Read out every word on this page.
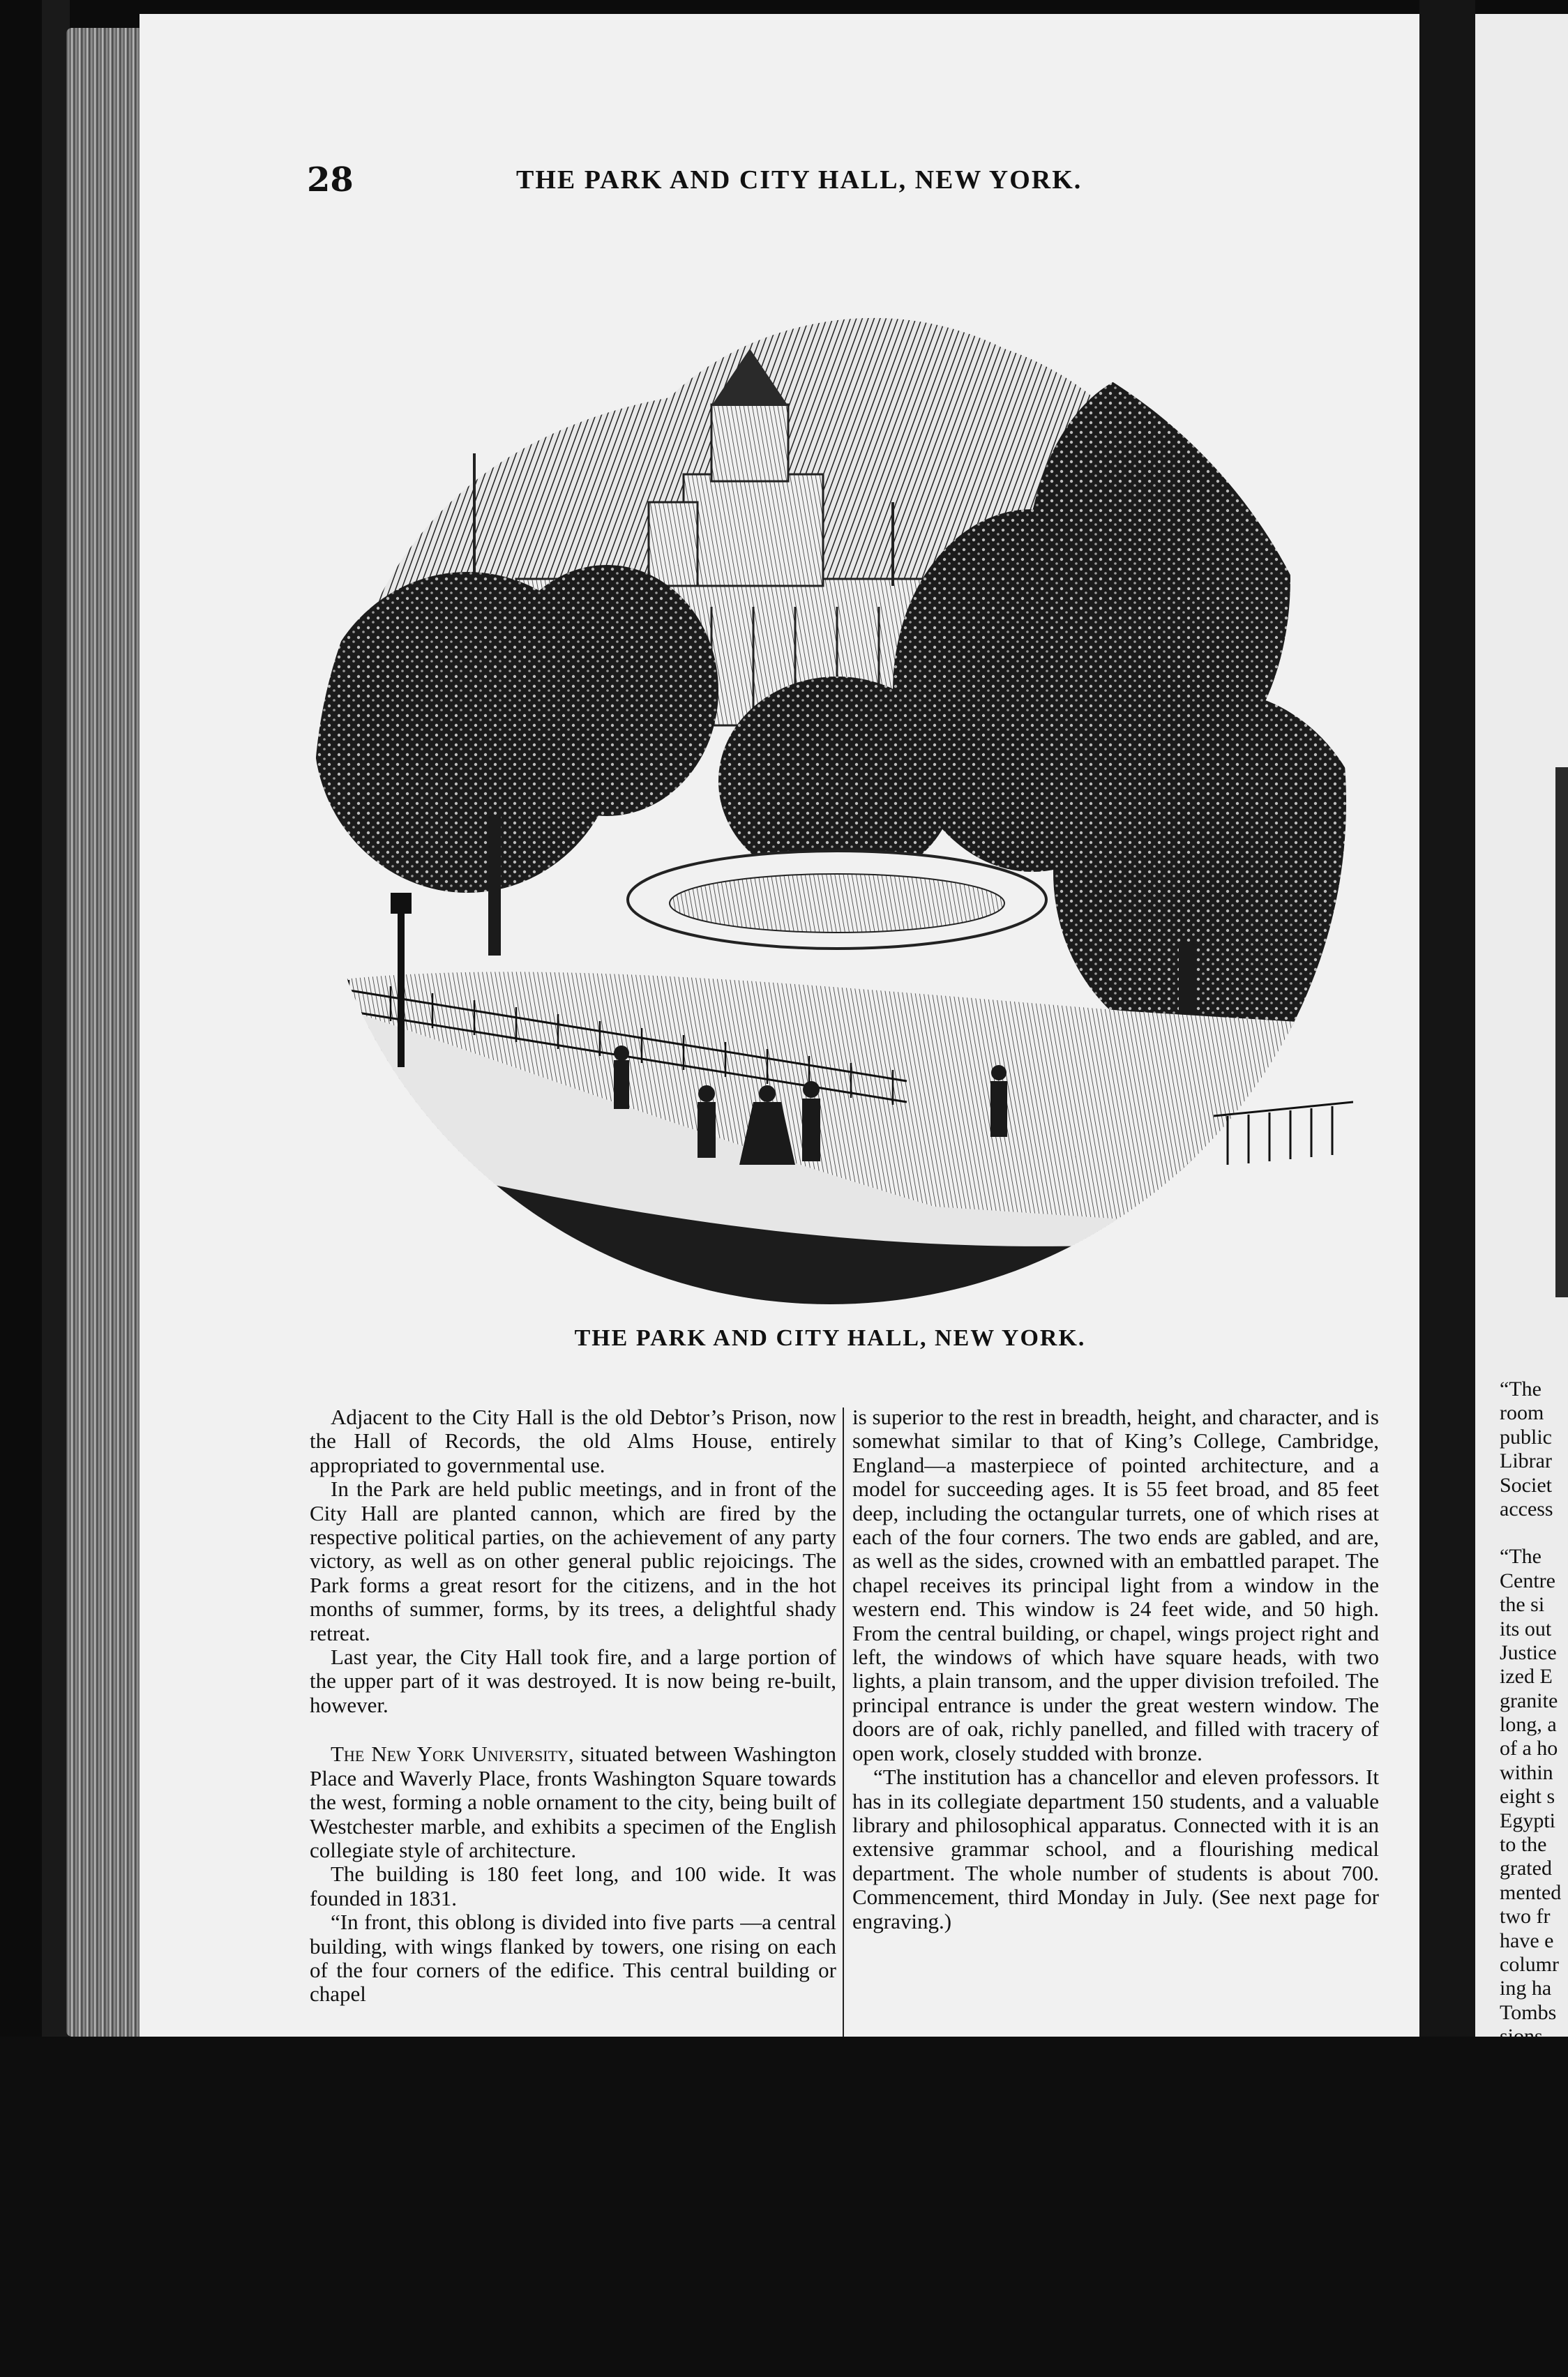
28	THE PARK AND CITY HALL, NEW YORK.
THE PARK AND CITY HALL, NEW YORK.

Adjacent to the City Hall is the old Debtor’s Prison, now the Hall of Records, the old Alms House, entirely appropriated to governmental use.

In the Park are held public meetings, and in front of the City Hall are planted cannon, which are fired by the respective political parties, on the achievement of any party victory, as well as on other general public rejoicings. The Park forms a great resort for the citizens, and in the hot months of summer, forms, by its trees, a delightful shady retreat.

Last year, the City Hall took fire, and a large portion of the upper part of it was destroyed. It is now being re-built, however.

The New York University, situated between Washington Place and Waverly Place, fronts Washington Square towards the west, forming a noble ornament to the city, being built of Westchester marble, and exhibits a specimen of the English collegiate style of architecture.

The building is 180 feet long, and 100 wide. It was founded in 1831.

“In front, this oblong is divided into five parts —a central building, with wings flanked by towers, one rising on each of the four corners of the edifice. This central building or chapel

is superior to the rest in breadth, height, and character, and is somewhat similar to that of King’s College, Cambridge, England—a masterpiece of pointed architecture, and a model for succeeding ages. It is 55 feet broad, and 85 feet deep, including the octangular turrets, one of which rises at each of the four corners. The two ends are gabled, and are, as well as the sides, crowned with an embattled parapet. The chapel receives its principal light from a window in the western end. This window is 24 feet wide, and 50 high. From the central building, or chapel, wings project right and left, the windows of which have square heads, with two lights, a plain transom, and the upper division trefoiled. The principal entrance is under the great western window. The doors are of oak, richly panelled, and filled with tracery of open work, closely studded with bronze.

“The institution has a chancellor and eleven professors. It has in its collegiate department 150 students, and a valuable library and philosophical apparatus. Connected with it is an extensive grammar school, and a flourishing medical department. The whole number of students is about 700. Commencement, third Monday in July. (See next page for engraving.)

“The
room
public
Librar
Societ
access
“The
Centre
the si
its out
Justice
ized E
granite
long, a
of a ho
within
eight s
Egypti
to the
grated
mented
two fr
have e
columr
ing ha
Tombs
